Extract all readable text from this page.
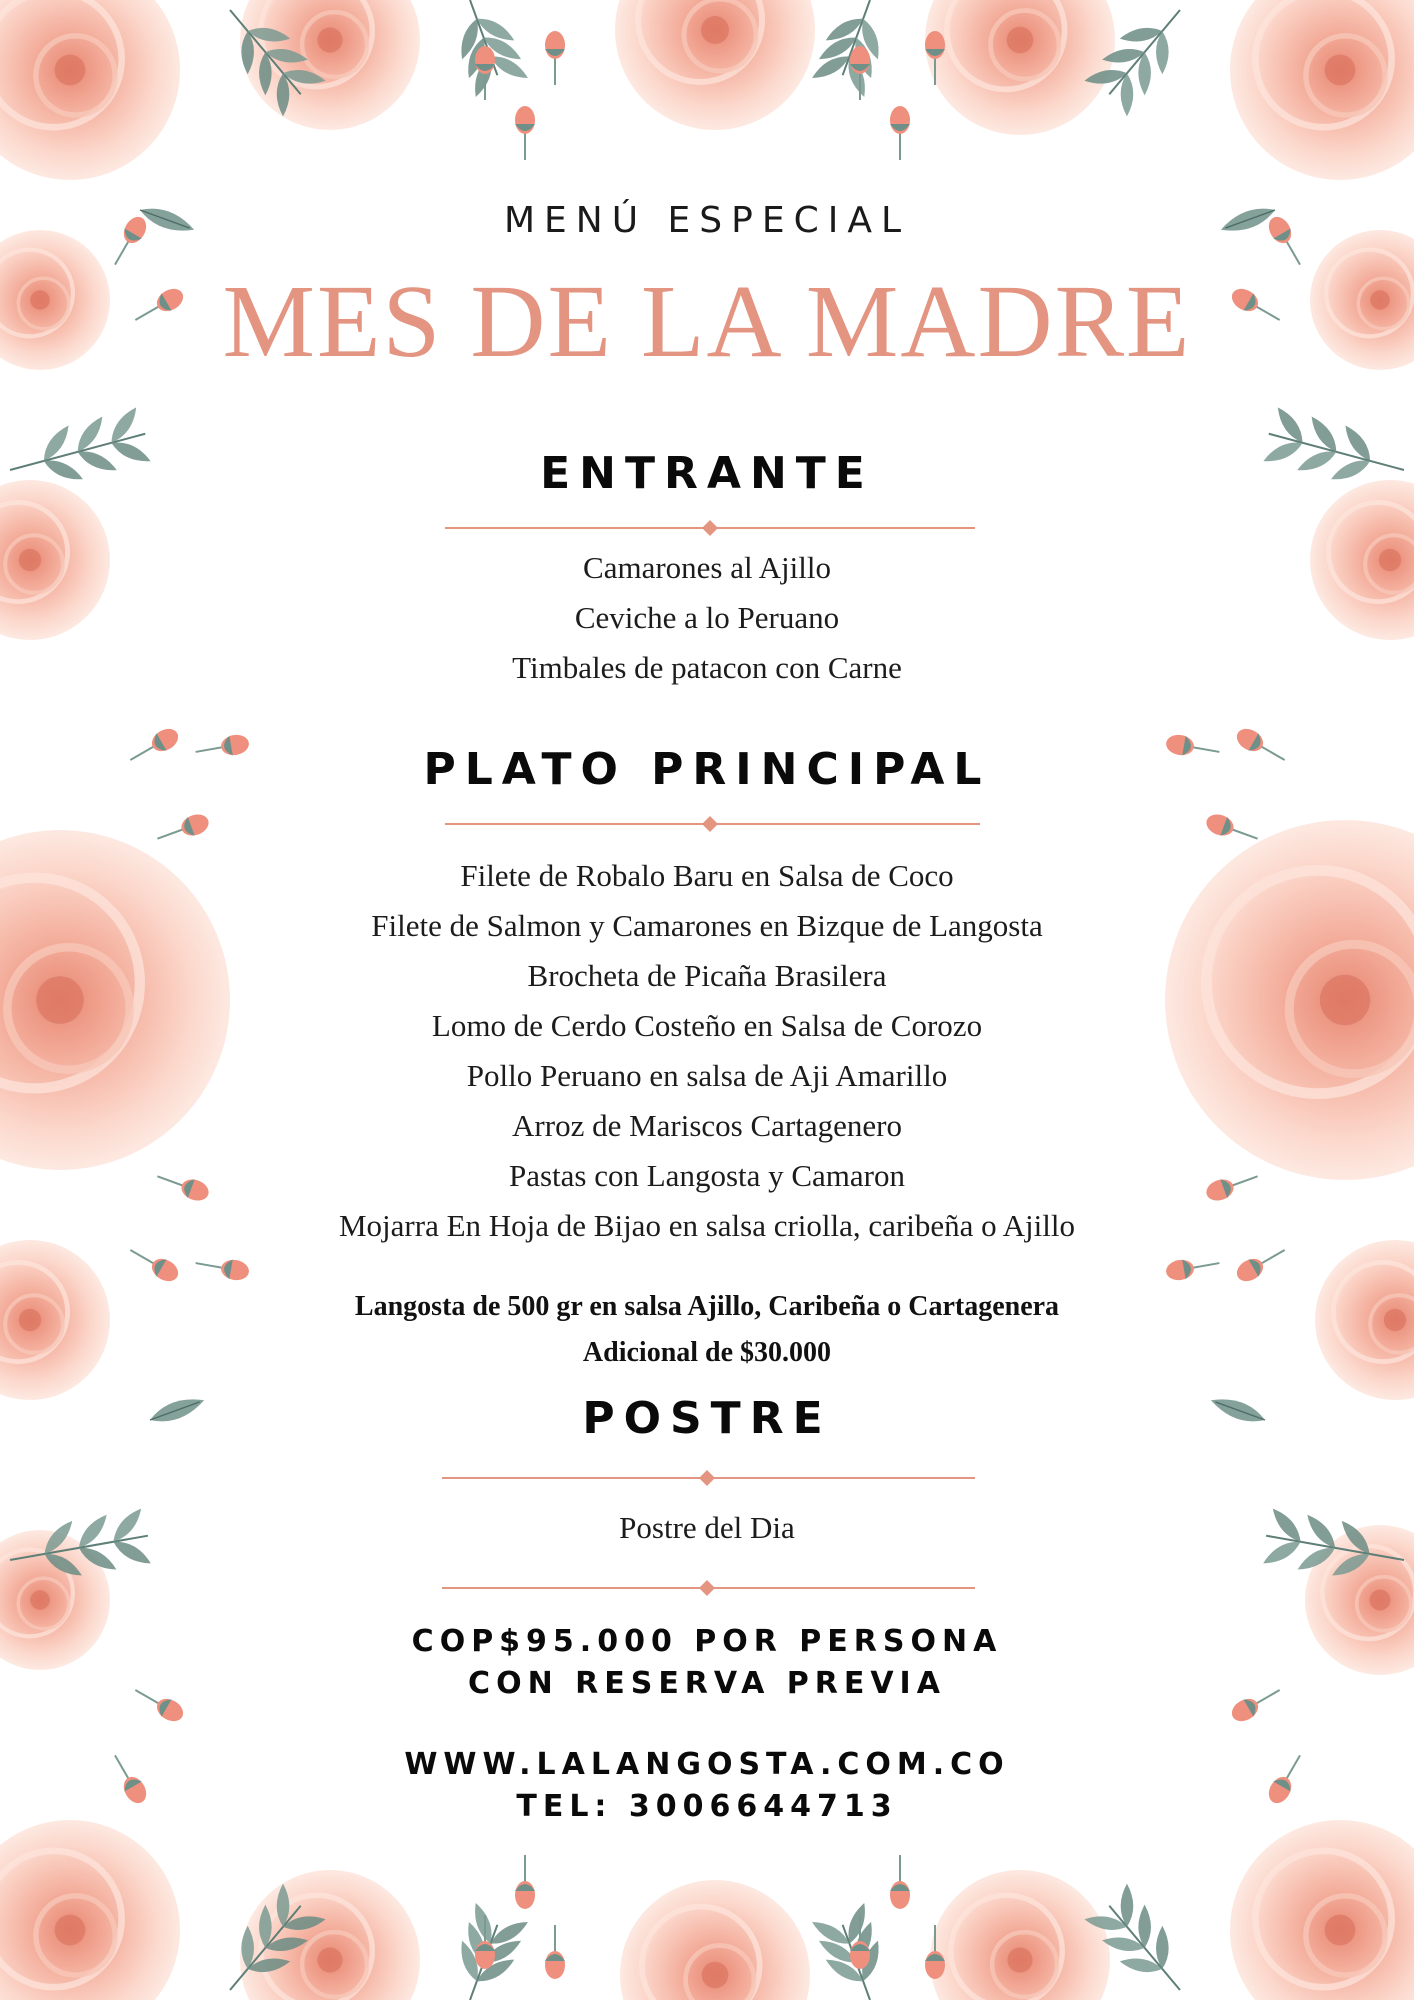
MENÚ ESPECIAL
MES DE LA MADRE
ENTRANTE
Camarones al Ajillo
Ceviche a lo Peruano
Timbales de patacon con Carne
PLATO PRINCIPAL
Filete de Robalo Baru en Salsa de Coco
Filete de Salmon y Camarones en Bizque de Langosta
Brocheta de Picaña Brasilera
Lomo de Cerdo Costeño en Salsa de Corozo
Pollo Peruano en salsa de Aji Amarillo
Arroz de Mariscos Cartagenero
Pastas con Langosta y Camaron
Mojarra En Hoja de Bijao en salsa criolla, caribeña o Ajillo
Langosta de 500 gr en salsa Ajillo, Caribeña o Cartagenera
Adicional de $30.000
POSTRE
Postre del Dia
COP$95.000 POR PERSONA
CON RESERVA PREVIA
WWW.LALANGOSTA.COM.CO
TEL: 3006644713
